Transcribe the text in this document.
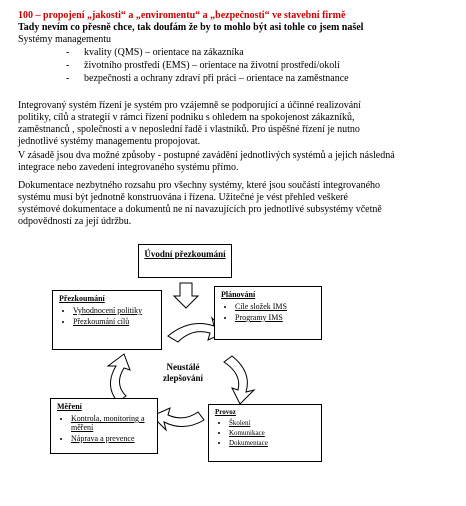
100 – propojení „jakosti“ a „enviromentu“ a „bezpečnosti“ ve stavební firmě
Tady nevím co přesně chce, tak doufám že by to mohlo být asi tohle co jsem našel
Systémy managementu
- kvality (QMS) – orientace na zákazníka
- životního prostředí (EMS) – orientace na životní prostředí/okolí
- bezpečnosti a ochrany zdraví při práci – orientace na zaměstnance
Integrovaný systém řízení je systém pro vzájemně se podporující a účinné realizování
politiky, cílů a strategií v rámci řízení podniku s ohledem na spokojenost zákazníků,
zaměstnanců , společnosti a v neposlední řadě i vlastníků. Pro úspěšné řízení je nutno
jednotlivé systémy managementu propojovat.
V zásadě jsou dva možné způsoby - postupné zavádění jednotlivých systémů a jejich následná
integrace nebo zavedení integrovaného systému přímo.
Dokumentace nezbytného rozsahu pro všechny systémy, které jsou součástí integrovaného
systému musí být jednotně konstruována i řízena. Užitečné je vést přehled veškeré
systémové dokumentace a dokumentů ne ní navazujících pro jednotlivé subsystémy včetně
odpovědností za její údržbu.
Úvodní přezkoumání
Přezkoumání
• Vyhodnocení politiky
• Přezkoumání cílů
Plánování
• Cíle složek IMS
• Programy IMS
Neustálé zlepšování
Měření
• Kontrola, monitoring a měření
• Náprava a prevence
Provoz
• Školení
• Komunikace
• Dokumentace
